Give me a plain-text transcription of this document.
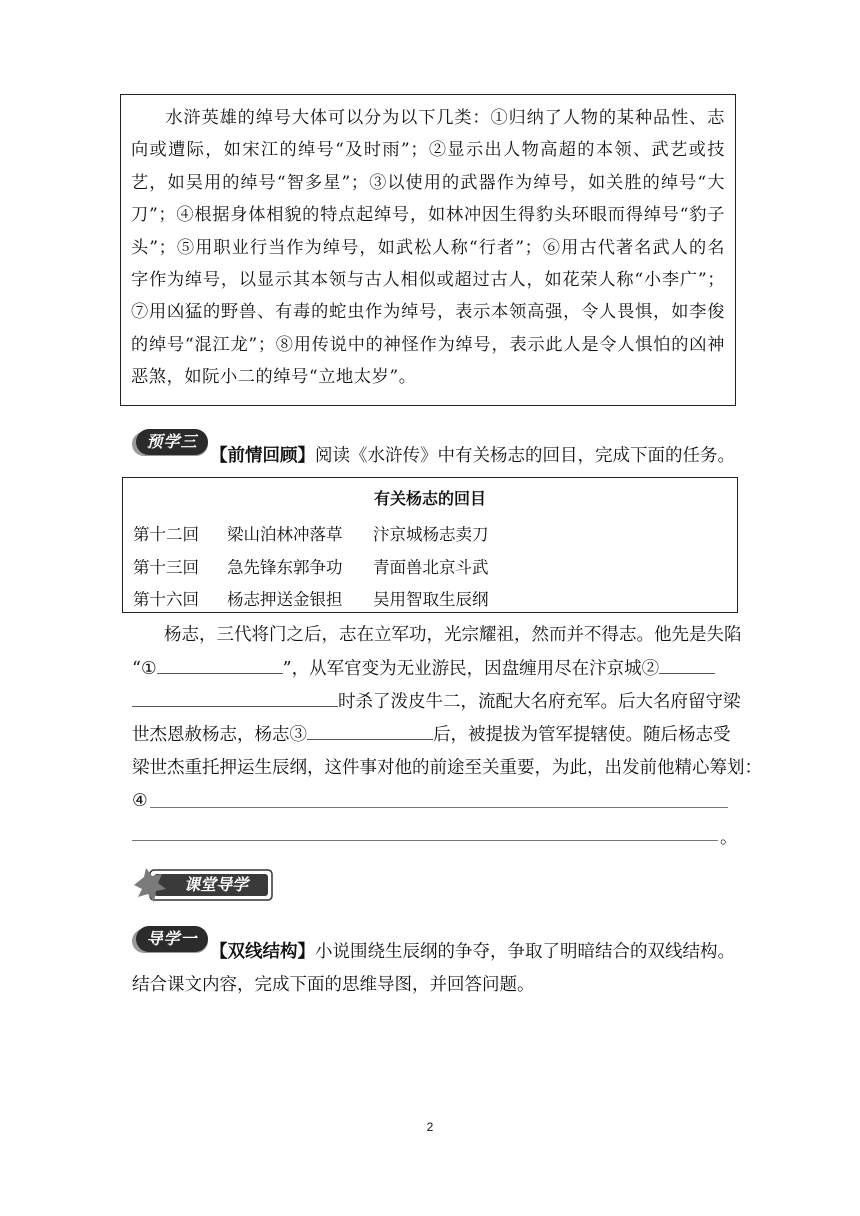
水浒英雄的绰号大体可以分为以下几类：①归纳了人物的某种品性、志向或遭际，如宋江的绰号“及时雨”；②显示出人物高超的本领、武艺或技艺，如吴用的绰号“智多星”；③以使用的武器作为绰号，如关胜的绰号“大刀”；④根据身体相貌的特点起绰号，如林冲因生得豹头环眼而得绰号“豹子头”；⑤用职业行当作为绰号，如武松人称“行者”；⑥用古代著名武人的名字作为绰号，以显示其本领与古人相似或超过古人，如花荣人称“小李广”；⑦用凶猛的野兽、有毒的蛇虫作为绰号，表示本领高强，令人畏惧，如李俊的绰号“混江龙”；⑧用传说中的神怪作为绰号，表示此人是令人惧怕的凶神恶煞，如阮小二的绰号“立地太岁”。

预学三
【前情回顾】阅读《水浒传》中有关杨志的回目，完成下面的任务。
有关杨志的回目
第十二回 梁山泊林冲落草 汴京城杨志卖刀
第十三回 急先锋东郭争功 青面兽北京斗武
第十六回 杨志押送金银担 吴用智取生辰纲
杨志，三代将门之后，志在立军功，光宗耀祖，然而并不得志。他先是失陷
“①	”，从军官变为无业游民，因盘缠用尽在汴京城②
时杀了泼皮牛二，流配大名府充军。后大名府留守梁
世杰恩赦杨志，杨志③	后，被提拔为管军提辖使。随后杨志受
梁世杰重托押运生辰纲，这件事对他的前途至关重要，为此，出发前他精心筹划：
④
。
课堂导学
导学一
【双线结构】小说围绕生辰纲的争夺，争取了明暗结合的双线结构。
结合课文内容，完成下面的思维导图，并回答问题。
2
